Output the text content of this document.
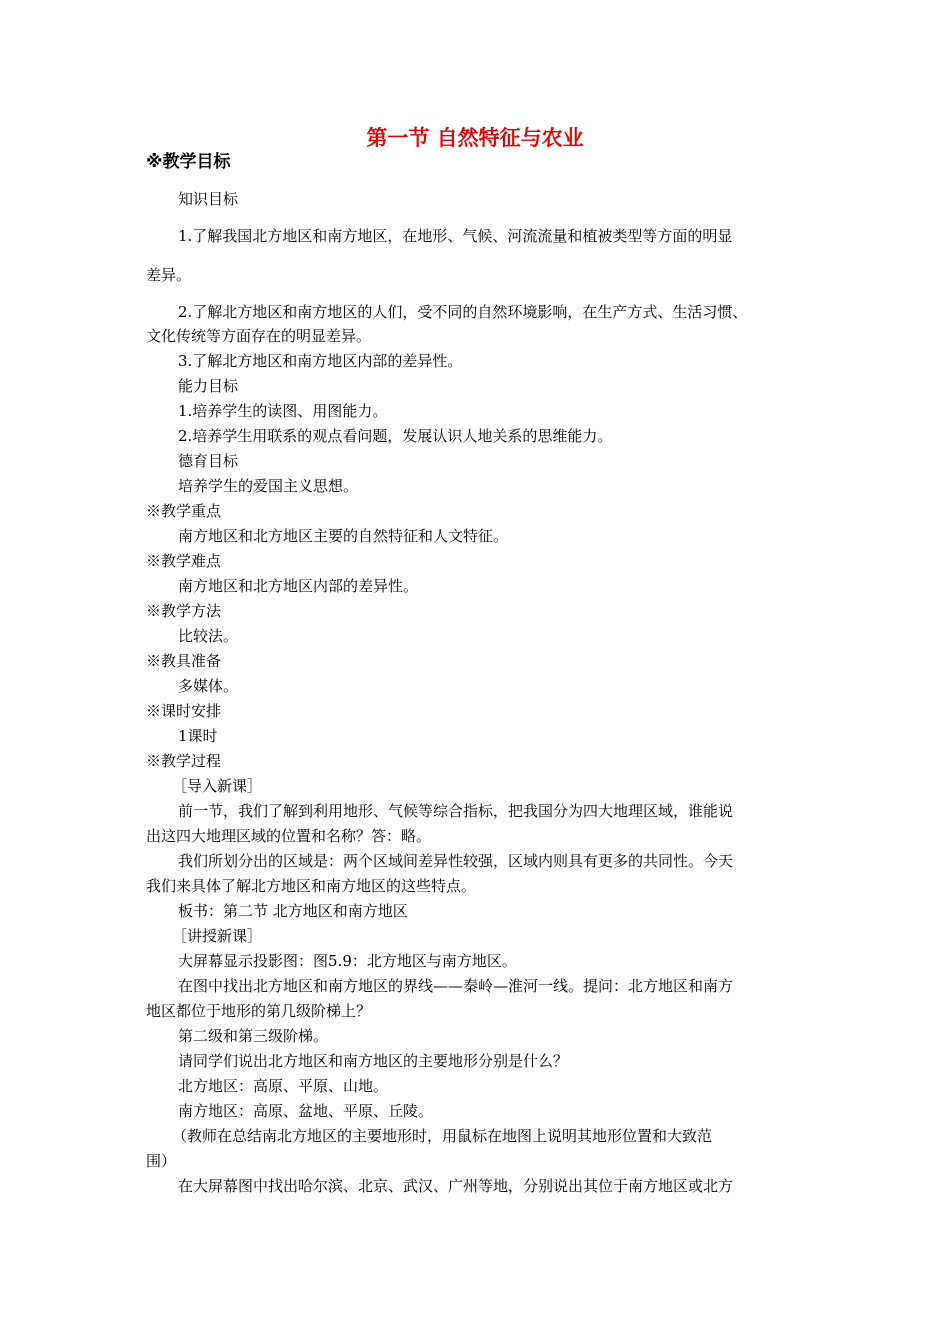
第一节 自然特征与农业
※教学目标
知识目标
1.了解我国北方地区和南方地区，在地形、气候、河流流量和植被类型等方面的明显
差异。
2.了解北方地区和南方地区的人们，受不同的自然环境影响，在生产方式、生活习惯、
文化传统等方面存在的明显差异。
3.了解北方地区和南方地区内部的差异性。
能力目标
1.培养学生的读图、用图能力。
2.培养学生用联系的观点看问题，发展认识人地关系的思维能力。
德育目标
培养学生的爱国主义思想。
※教学重点
南方地区和北方地区主要的自然特征和人文特征。
※教学难点
南方地区和北方地区内部的差异性。
※教学方法
比较法。
※教具准备
多媒体。
※课时安排
1课时
※教学过程
［导入新课］
前一节，我们了解到利用地形、气候等综合指标，把我国分为四大地理区域，谁能说
出这四大地理区域的位置和名称？答：略。
我们所划分出的区域是：两个区域间差异性较强，区域内则具有更多的共同性。今天
我们来具体了解北方地区和南方地区的这些特点。
板书：第二节 北方地区和南方地区
［讲授新课］
大屏幕显示投影图：图5.9：北方地区与南方地区。
在图中找出北方地区和南方地区的界线——秦岭—淮河一线。提问：北方地区和南方
地区都位于地形的第几级阶梯上？
第二级和第三级阶梯。
请同学们说出北方地区和南方地区的主要地形分别是什么？
北方地区：高原、平原、山地。
南方地区：高原、盆地、平原、丘陵。
（教师在总结南北方地区的主要地形时，用鼠标在地图上说明其地形位置和大致范
围）
在大屏幕图中找出哈尔滨、北京、武汉、广州等地，分别说出其位于南方地区或北方
